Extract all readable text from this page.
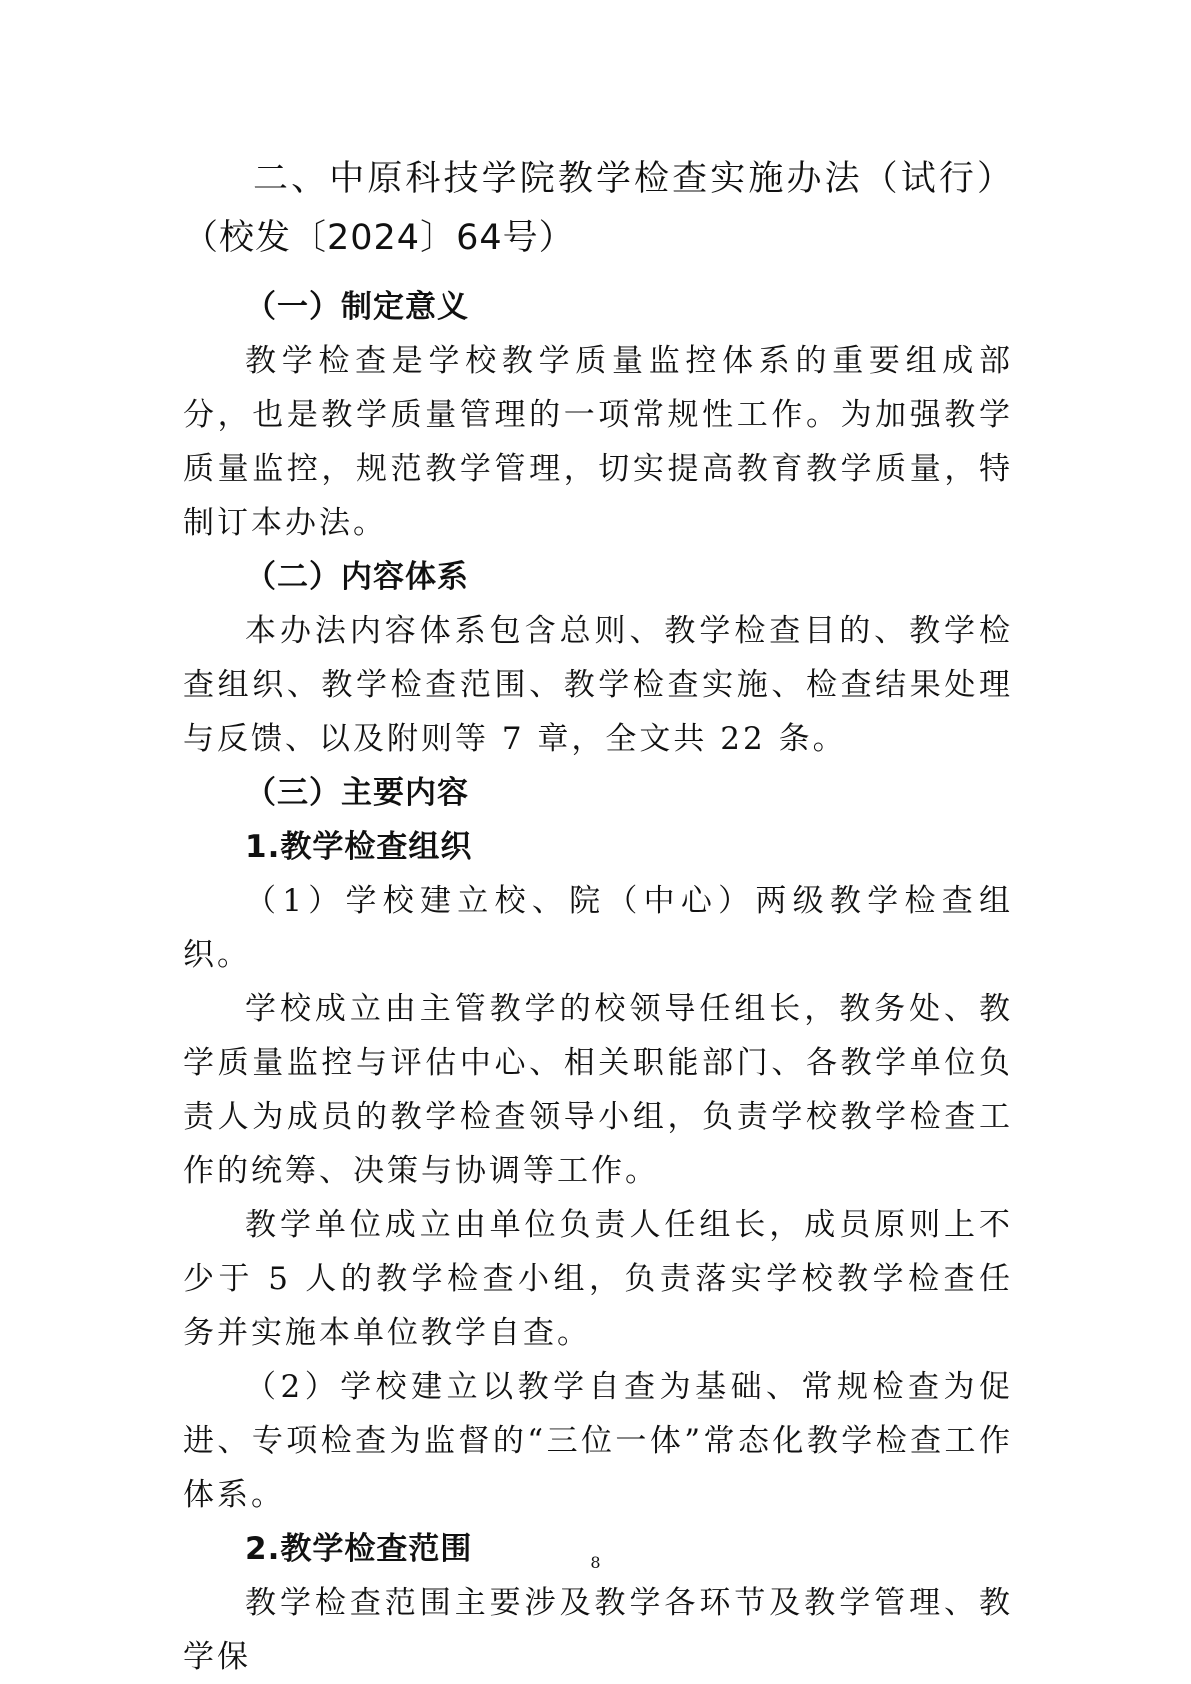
二、中原科技学院教学检查实施办法（试行）（校发〔2024〕64号）
（一）制定意义

教学检查是学校教学质量监控体系的重要组成部分，也是教学质量管理的一项常规性工作。为加强教学质量监控，规范教学管理，切实提高教育教学质量，特制订本办法。

（二）内容体系

本办法内容体系包含总则、教学检查目的、教学检查组织、教学检查范围、教学检查实施、检查结果处理与反馈、以及附则等 7 章，全文共 22 条。

（三）主要内容
1.教学检查组织

（1）学校建立校、院（中心）两级教学检查组织。

学校成立由主管教学的校领导任组长，教务处、教学质量监控与评估中心、相关职能部门、各教学单位负责人为成员的教学检查领导小组，负责学校教学检查工作的统筹、决策与协调等工作。

教学单位成立由单位负责人任组长，成员原则上不少于 5 人的教学检查小组，负责落实学校教学检查任务并实施本单位教学自查。

（2）学校建立以教学自查为基础、常规检查为促进、专项检查为监督的“三位一体”常态化教学检查工作体系。

2.教学检查范围

教学检查范围主要涉及教学各环节及教学管理、教学保

8
